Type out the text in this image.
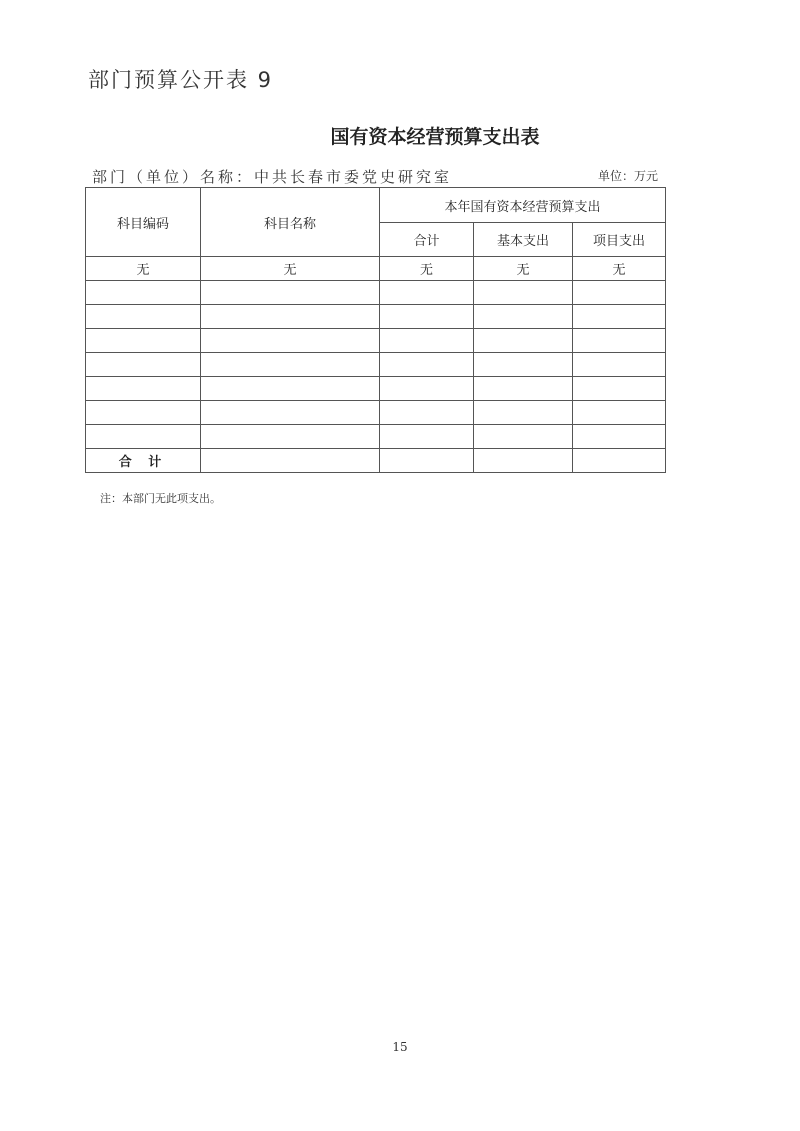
部门预算公开表 9
国有资本经营预算支出表
部门（单位）名称：中共长春市委党史研究室	单位：万元
科目编码	科目名称	本年国有资本经营预算支出		
		合计	基本支出	项目支出
无	无	无	无	无

合 计				
注：本部门无此项支出。
15
